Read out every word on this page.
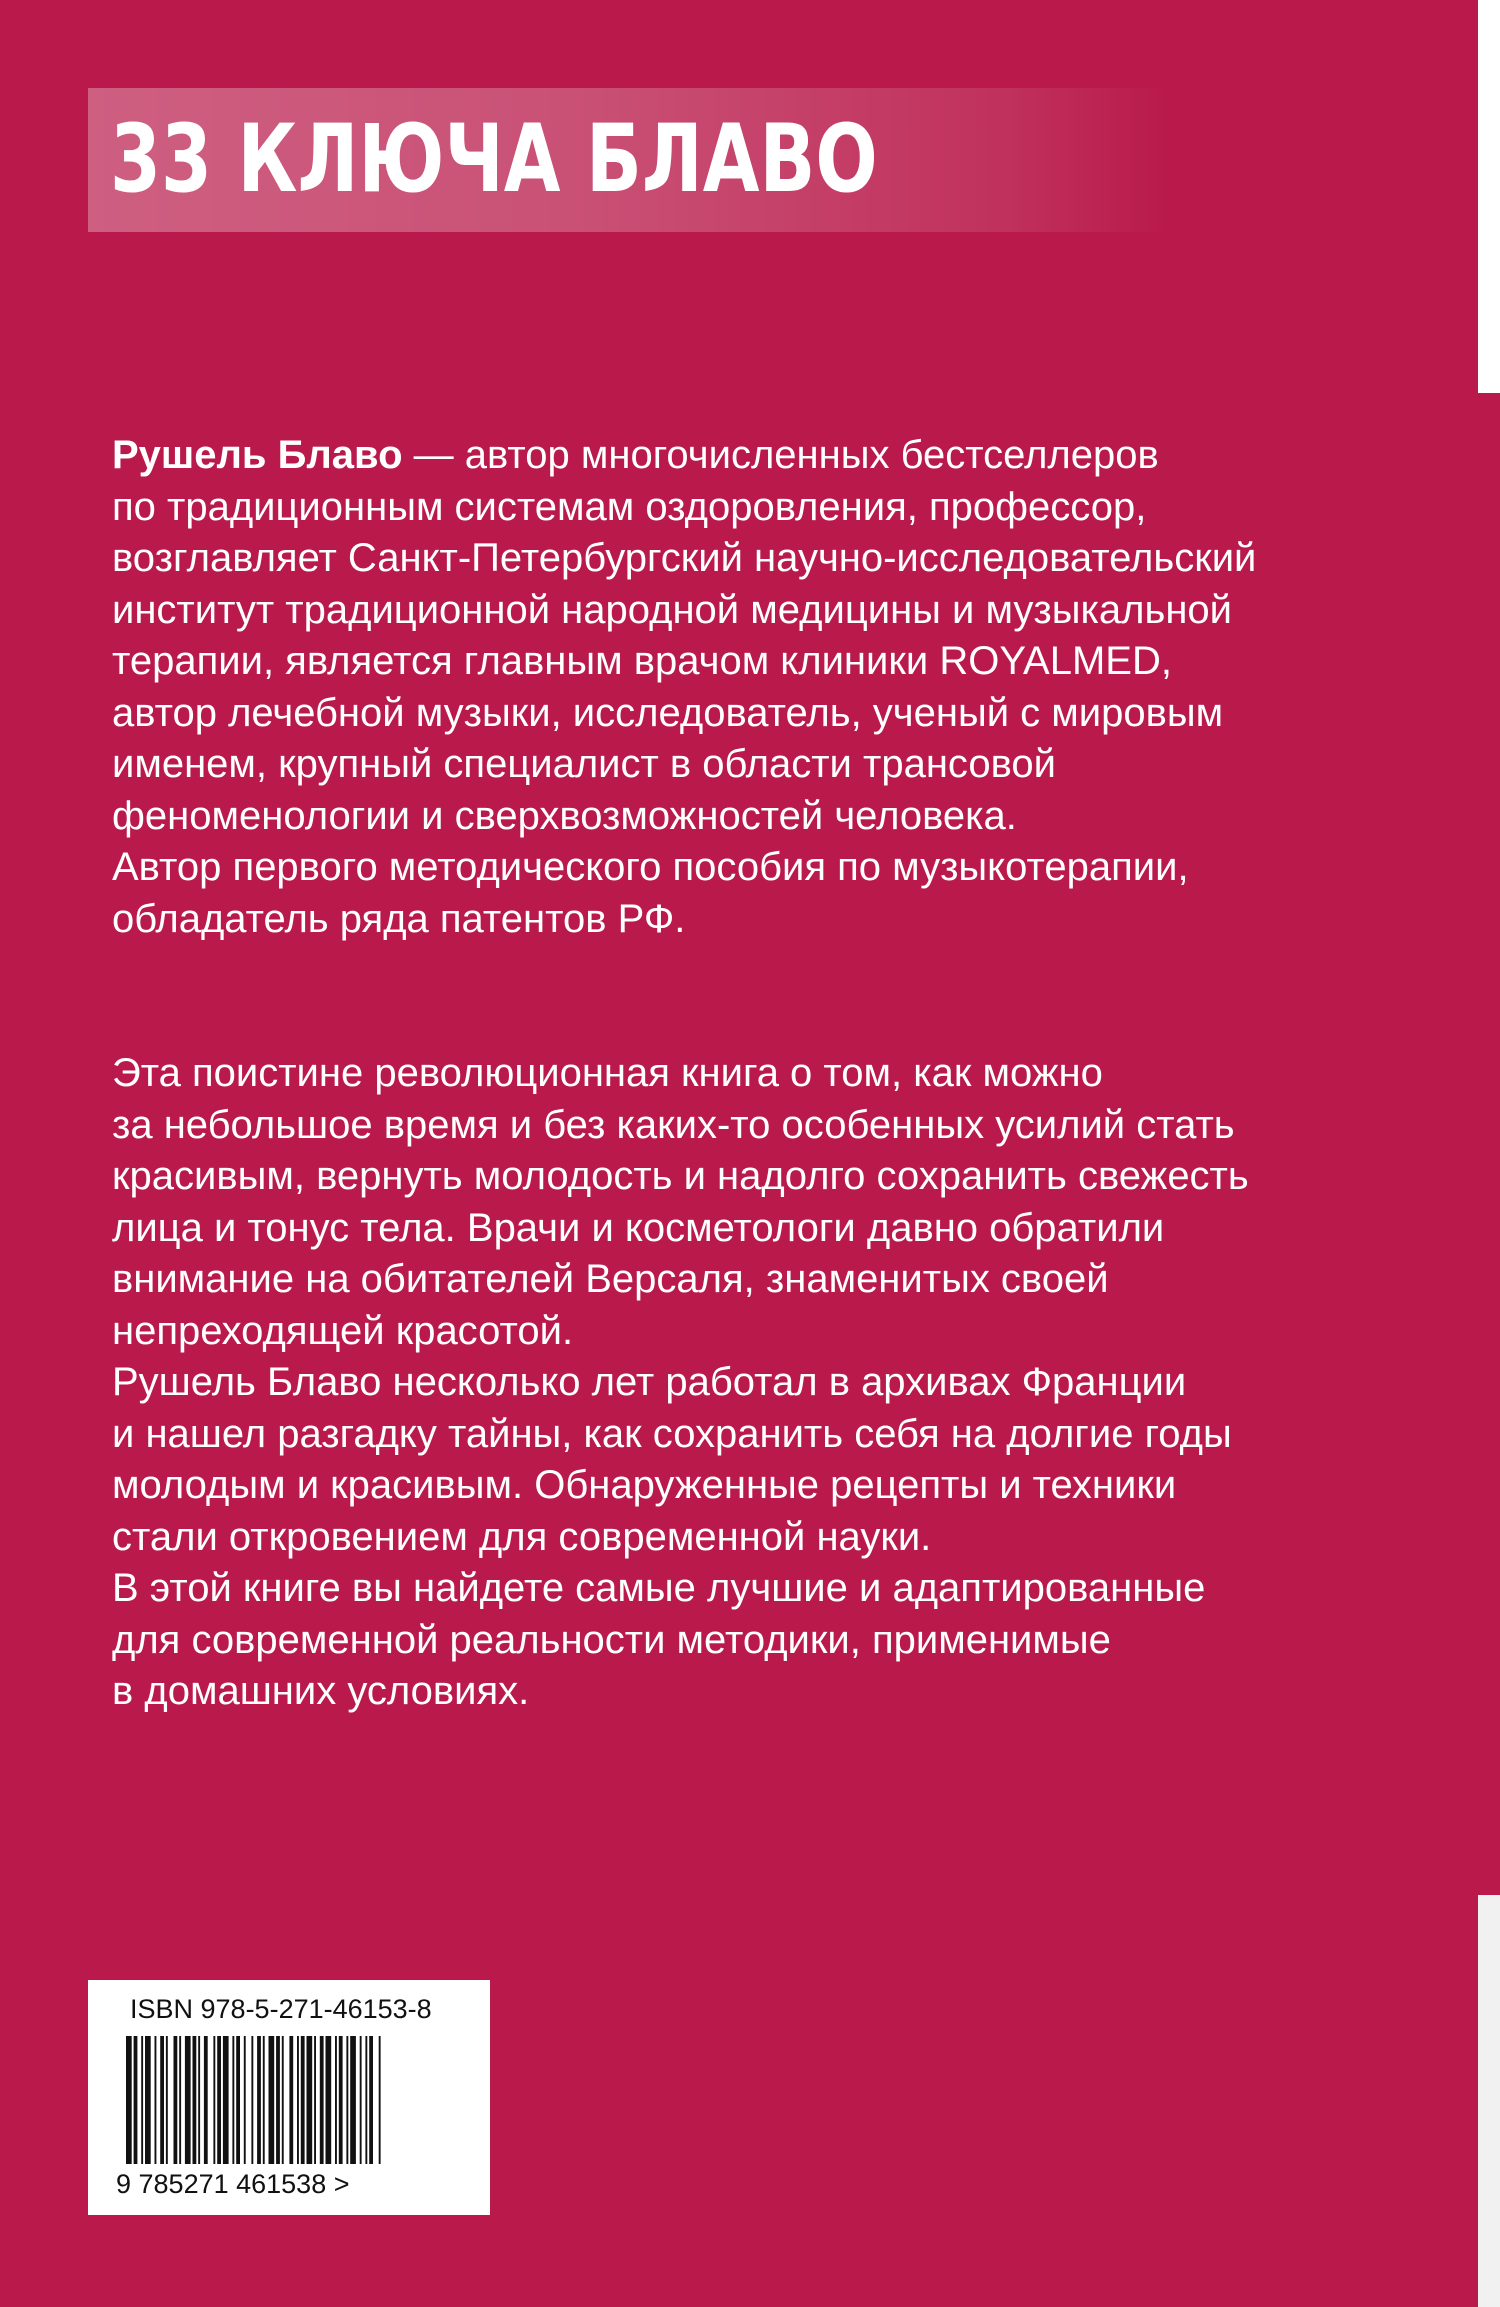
33 КЛЮЧА БЛАВО

Рушель Блаво — автор многочисленных бестселлеров
по традиционным системам оздоровления, профессор,
возглавляет Санкт-Петербургский научно-исследовательский
институт традиционной народной медицины и музыкальной
терапии, является главным врачом клиники ROYALMED,
автор лечебной музыки, исследователь, ученый с мировым
именем, крупный специалист в области трансовой
феноменологии и сверхвозможностей человека.
Автор первого методического пособия по музыкотерапии,
обладатель ряда патентов РФ.

Эта поистине революционная книга о том, как можно
за небольшое время и без каких-то особенных усилий стать
красивым, вернуть молодость и надолго сохранить свежесть
лица и тонус тела. Врачи и косметологи давно обратили
внимание на обитателей Версаля, знаменитых своей
непреходящей красотой.
Рушель Блаво несколько лет работал в архивах Франции
и нашел разгадку тайны, как сохранить себя на долгие годы
молодым и красивым. Обнаруженные рецепты и техники
стали откровением для современной науки.
В этой книге вы найдете самые лучшие и адаптированные
для современной реальности методики, применимые
в домашних условиях.

ISBN 978-5-271-46153-8
9 785271 461538 >
